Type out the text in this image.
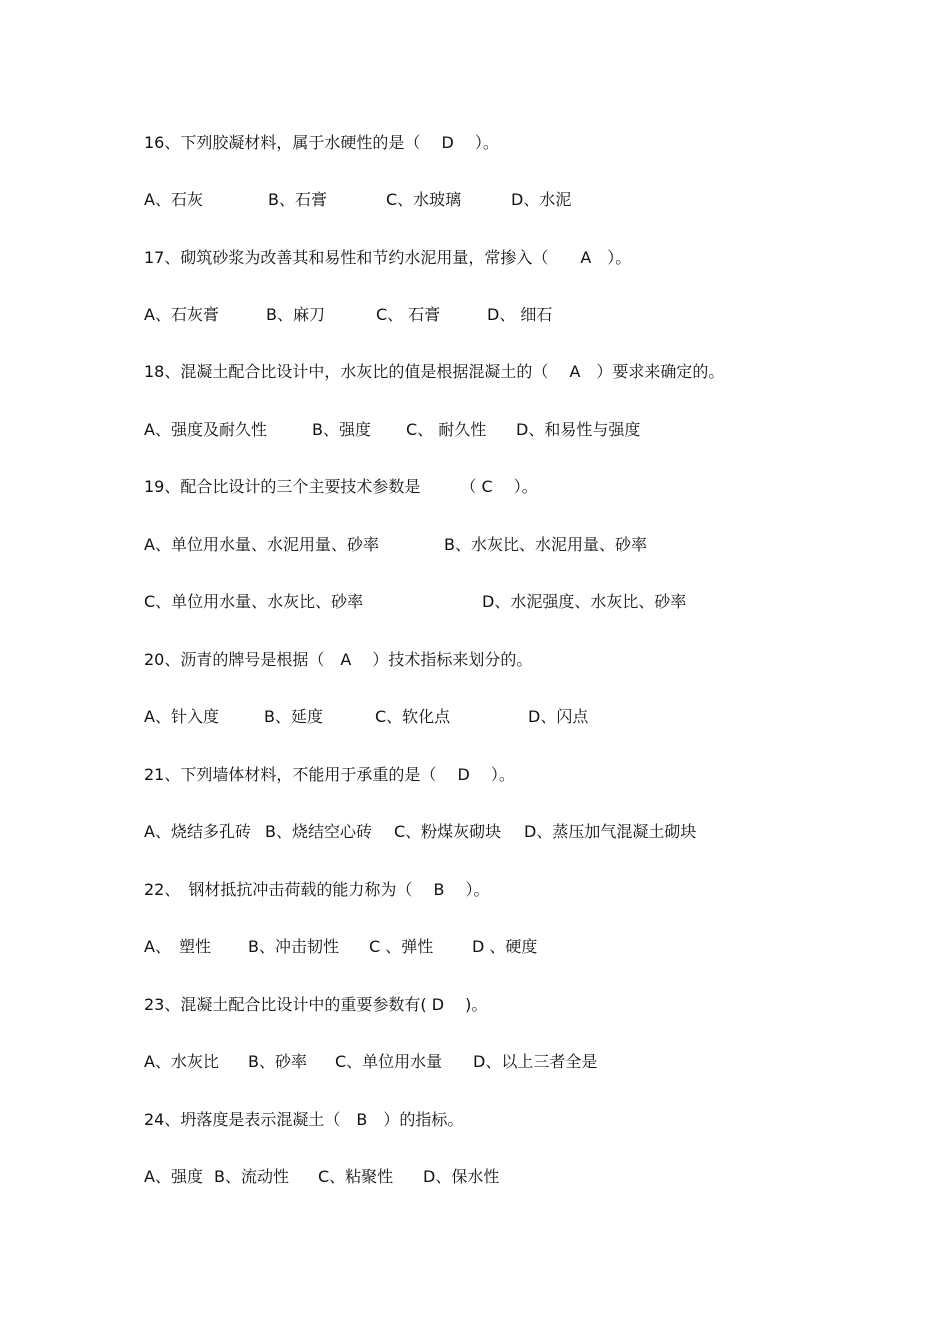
16、下列胶凝材料，属于水硬性的是（　 D 　）。

A、石灰

	B、石膏

	C、水玻璃

	D、水泥

17、砌筑砂浆为改善其和易性和节约水泥用量，常掺入（　　A　）。

A、石灰膏

	B、麻刀

	C、 石膏

	D、 细石

18、混凝土配合比设计中，水灰比的值是根据混凝土的（　 A　）要求来确定的。

A、强度及耐久性

	B、强度

C、 耐久性

D、和易性与强度

19、配合比设计的三个主要技术参数是　　　（ C　 ）。

A、单位用水量、水泥用量、砂率

	B、水灰比、水泥用量、砂率

C、单位用水量、水灰比、砂率

	D、水泥强度、水灰比、砂率

20、沥青的牌号是根据（　A　 ）技术指标来划分的。

A、针入度

	B、延度

	C、软化点

	D、闪点

21、下列墙体材料，不能用于承重的是（　 D　 ）。

A、烧结多孔砖

B、烧结空心砖

C、粉煤灰砌块

D、蒸压加气混凝土砌块

22、　钢材抵抗冲击荷载的能力称为（　 B　 ）。

A、　塑性

B、冲击韧性

C 、弹性

D 、硬度

23、混凝土配合比设计中的重要参数有( D　 )。

A、水灰比

B、砂率

C、单位用水量

D、以上三者全是

24、坍落度是表示混凝土（　B　）的指标。

A、强度

B、流动性

C、粘聚性

D、保水性
